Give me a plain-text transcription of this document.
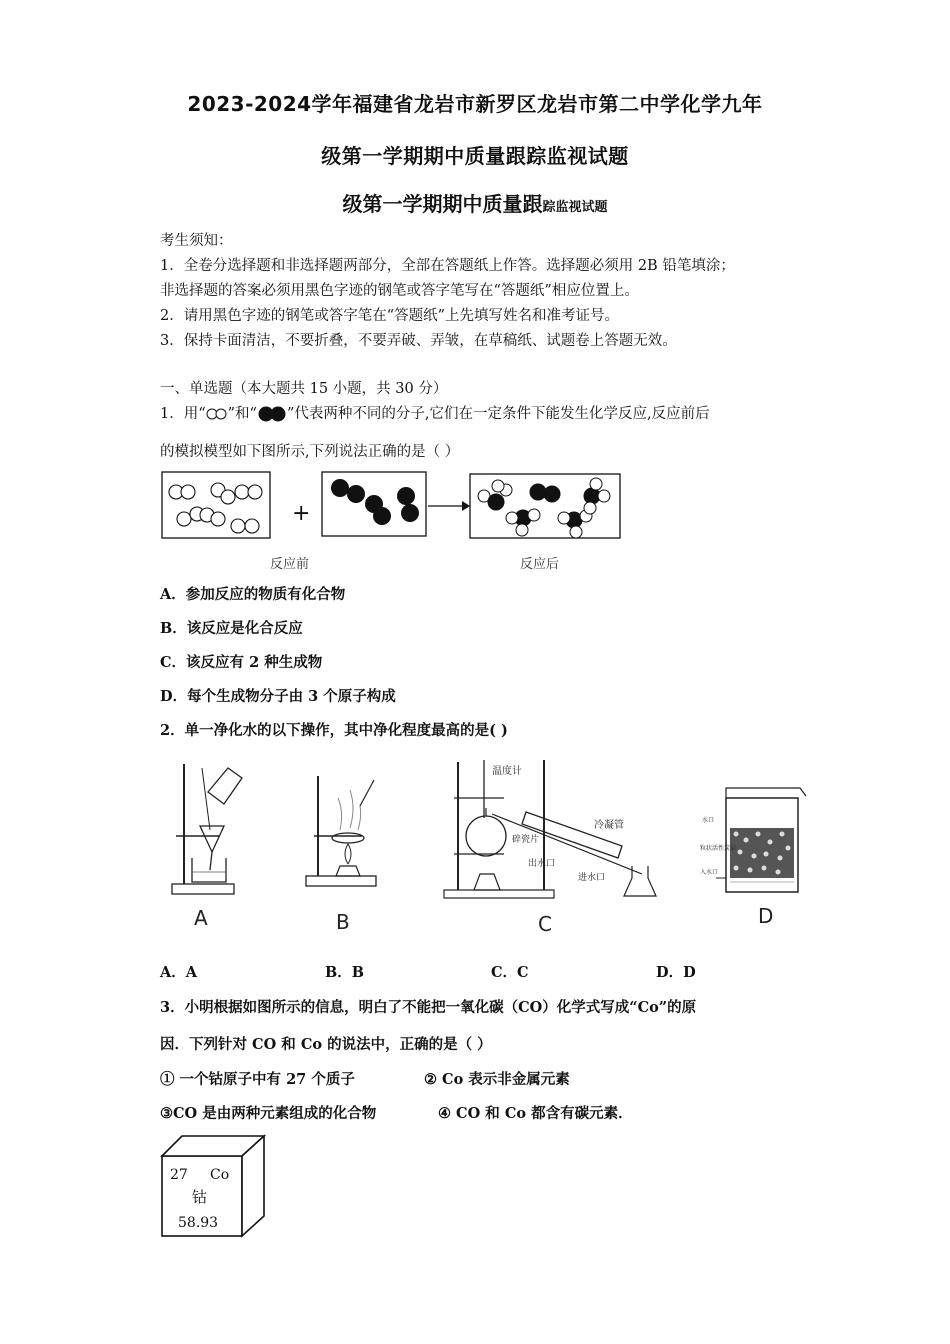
2023-2024学年福建省龙岩市新罗区龙岩市第二中学化学九年
级第一学期期中质量跟踪监视试题
级第一学期期中质量跟踪监视试题
考生须知：
1．全卷分选择题和非选择题两部分，全部在答题纸上作答。选择题必须用 2B 铅笔填涂；
非选择题的答案必须用黑色字迹的钢笔或答字笔写在“答题纸”相应位置上。
2．请用黑色字迹的钢笔或答字笔在“答题纸”上先填写姓名和准考证号。
3．保持卡面清洁，不要折叠，不要弄破、弄皱，在草稿纸、试题卷上答题无效。
一、单选题（本大题共 15 小题，共 30 分）
1．用“ ”和“ ”代表两种不同的分子,它们在一定条件下能发生化学反应,反应前后
的模拟模型如下图所示,下列说法正确的是（ ）
+
反应前	反应后
A．参加反应的物质有化合物
B．该反应是化合反应
C．该反应有 2 种生成物
D．每个生成物分子由 3 个原子构成
2．单一净化水的以下操作，其中净化程度最高的是( )
A	B
温度计
冷凝管
碎瓷片
出水口
进水口
C
水口
粒状活性炭层
入水口
D
A．A	B．B	C．C	D．D
3．小明根据如图所示的信息，明白了不能把一氧化碳（CO）化学式写成“Co”的原
因．下列针对 CO 和 Co 的说法中，正确的是（ ）
① 一个钴原子中有 27 个质子	② Co 表示非金属元素
③CO 是由两种元素组成的化合物	④ CO 和 Co 都含有碳元素．
27 Co
钴
58.93
